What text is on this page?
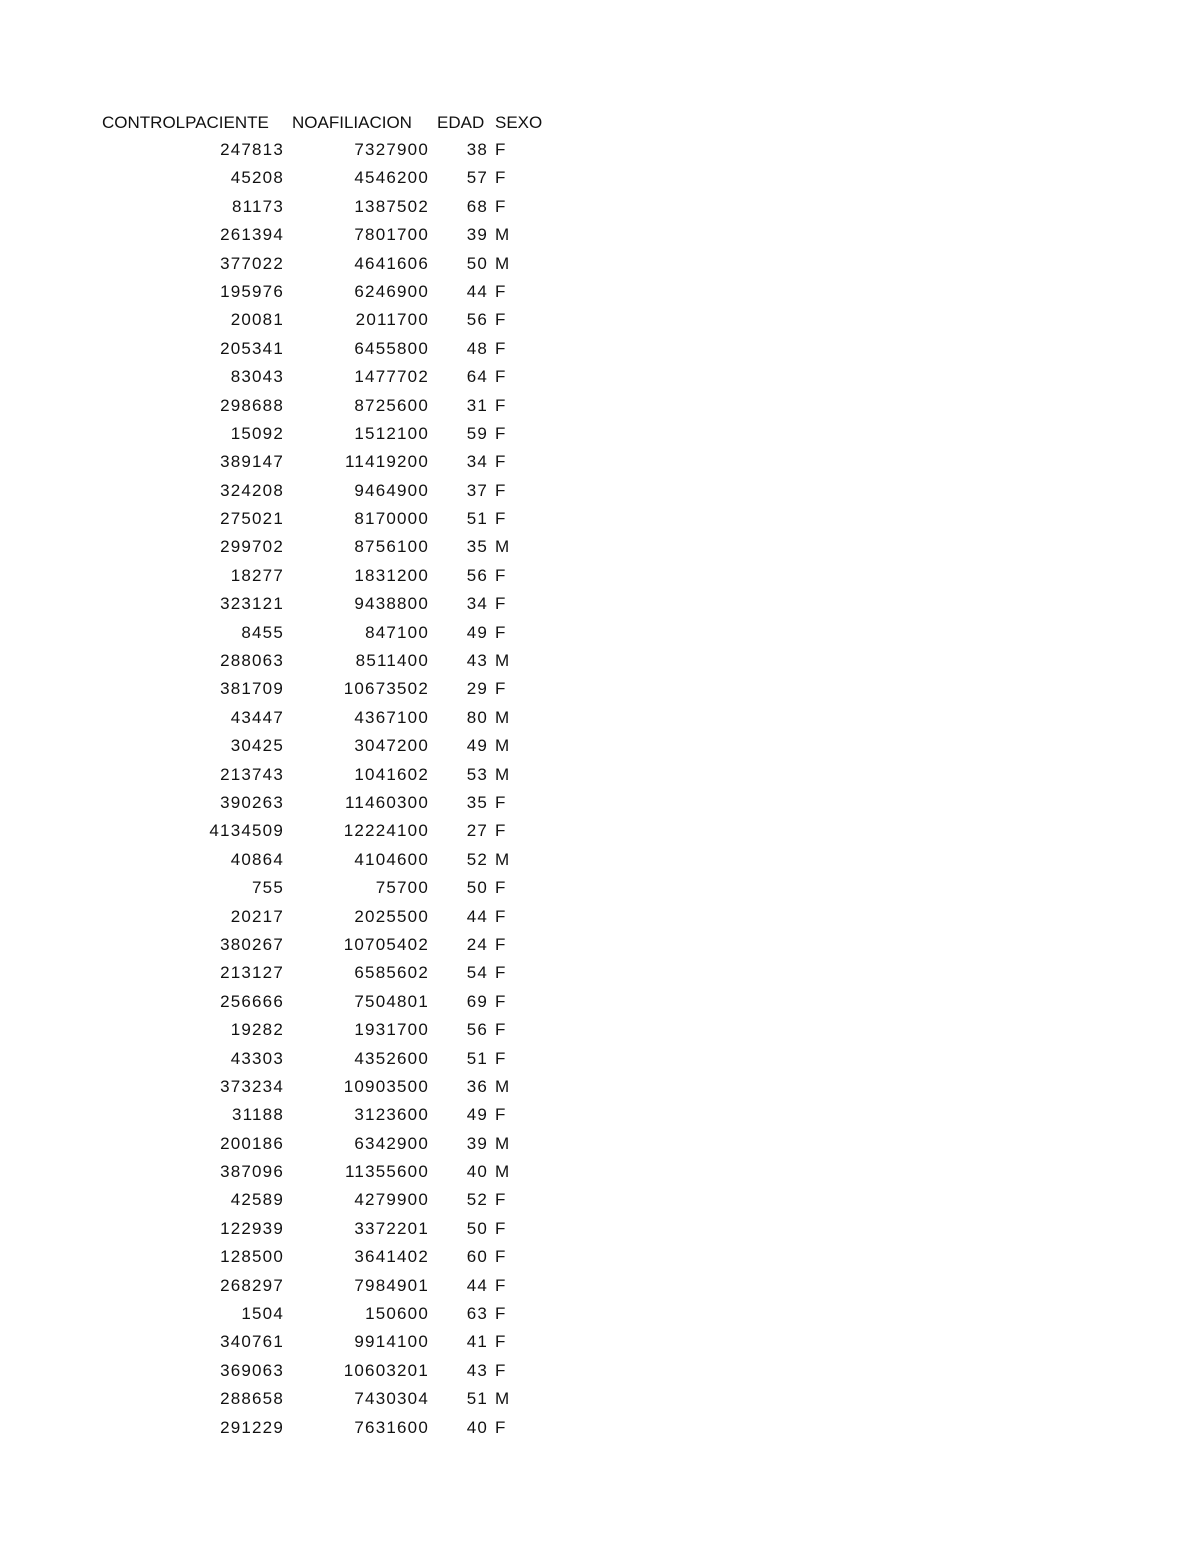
CONTROLPACIENTE	NOAFILIACION	EDAD SEXO
247813	7327900	38 F
45208	4546200	57 F
81173	1387502	68 F
261394	7801700	39 M
377022	4641606	50 M
195976	6246900	44 F
20081	2011700	56 F
205341	6455800	48 F
83043	1477702	64 F
298688	8725600	31 F
15092	1512100	59 F
389147	11419200	34 F
324208	9464900	37 F
275021	8170000	51 F
299702	8756100	35 M
18277	1831200	56 F
323121	9438800	34 F
8455	847100	49 F
288063	8511400	43 M
381709	10673502	29 F
43447	4367100	80 M
30425	3047200	49 M
213743	1041602	53 M
390263	11460300	35 F
4134509	12224100	27 F
40864	4104600	52 M
755	75700	50 F
20217	2025500	44 F
380267	10705402	24 F
213127	6585602	54 F
256666	7504801	69 F
19282	1931700	56 F
43303	4352600	51 F
373234	10903500	36 M
31188	3123600	49 F
200186	6342900	39 M
387096	11355600	40 M
42589	4279900	52 F
122939	3372201	50 F
128500	3641402	60 F
268297	7984901	44 F
1504	150600	63 F
340761	9914100	41 F
369063	10603201	43 F
288658	7430304	51 M
291229	7631600	40 F
